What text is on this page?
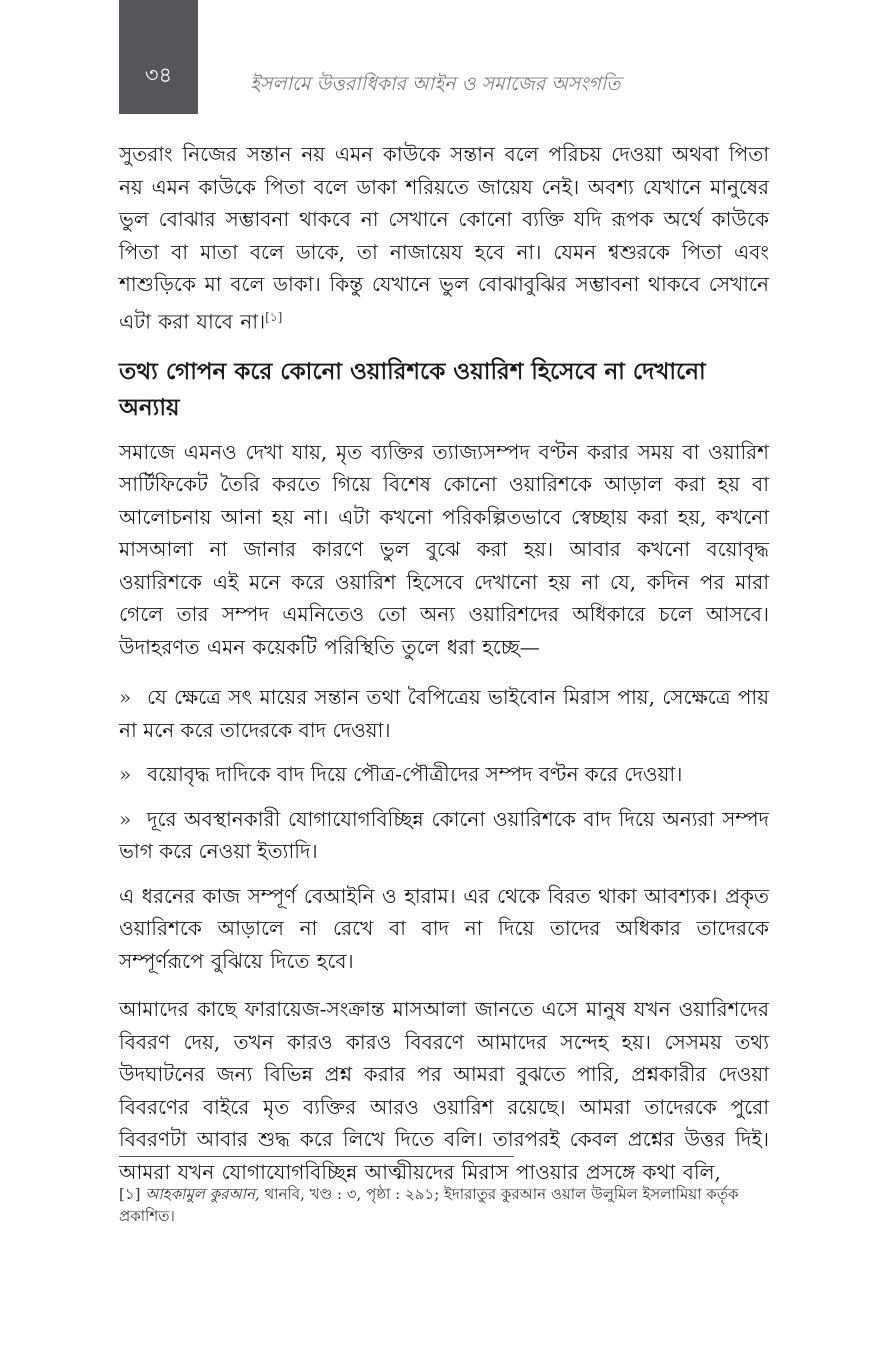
৩৪	ইসলামে উত্তরাধিকার আইন ও সমাজের অসংগতি

সুতরাং নিজের সন্তান নয় এমন কাউকে সন্তান বলে পরিচয় দেওয়া অথবা পিতা নয় এমন কাউকে পিতা বলে ডাকা শরিয়তে জায়েয নেই। অবশ্য যেখানে মানুষের ভুল বোঝার সম্ভাবনা থাকবে না সেখানে কোনো ব্যক্তি যদি রূপক অর্থে কাউকে পিতা বা মাতা বলে ডাকে, তা নাজায়েয হবে না। যেমন শ্বশুরকে পিতা এবং শাশুড়িকে মা বলে ডাকা। কিন্তু যেখানে ভুল বোঝাবুঝির সম্ভাবনা থাকবে সেখানে এটা করা যাবে না।[১]

তথ্য গোপন করে কোনো ওয়ারিশকে ওয়ারিশ হিসেবে না দেখানো অন্যায়

সমাজে এমনও দেখা যায়, মৃত ব্যক্তির ত্যাজ্যসম্পদ বণ্টন করার সময় বা ওয়ারিশ সার্টিফিকেট তৈরি করতে গিয়ে বিশেষ কোনো ওয়ারিশকে আড়াল করা হয় বা আলোচনায় আনা হয় না। এটা কখনো পরিকল্পিতভাবে স্বেচ্ছায় করা হয়, কখনো মাসআলা না জানার কারণে ভুল বুঝে করা হয়। আবার কখনো বয়োবৃদ্ধ ওয়ারিশকে এই মনে করে ওয়ারিশ হিসেবে দেখানো হয় না যে, কদিন পর মারা গেলে তার সম্পদ এমনিতেও তো অন্য ওয়ারিশদের অধিকারে চলে আসবে। উদাহরণত এমন কয়েকটি পরিস্থিতি তুলে ধরা হচ্ছে—

» যে ক্ষেত্রে সৎ মায়ের সন্তান তথা বৈপিত্রেয় ভাইবোন মিরাস পায়, সেক্ষেত্রে পায় না মনে করে তাদেরকে বাদ দেওয়া।
» বয়োবৃদ্ধ দাদিকে বাদ দিয়ে পৌত্র-পৌত্রীদের সম্পদ বণ্টন করে দেওয়া।
» দূরে অবস্থানকারী যোগাযোগবিচ্ছিন্ন কোনো ওয়ারিশকে বাদ দিয়ে অন্যরা সম্পদ ভাগ করে নেওয়া ইত্যাদি।

এ ধরনের কাজ সম্পূর্ণ বেআইনি ও হারাম। এর থেকে বিরত থাকা আবশ্যক। প্রকৃত ওয়ারিশকে আড়ালে না রেখে বা বাদ না দিয়ে তাদের অধিকার তাদেরকে সম্পূর্ণরূপে বুঝিয়ে দিতে হবে।

আমাদের কাছে ফারায়েজ-সংক্রান্ত মাসআলা জানতে এসে মানুষ যখন ওয়ারিশদের বিবরণ দেয়, তখন কারও কারও বিবরণে আমাদের সন্দেহ হয়। সেসময় তথ্য উদঘাটনের জন্য বিভিন্ন প্রশ্ন করার পর আমরা বুঝতে পারি, প্রশ্নকারীর দেওয়া বিবরণের বাইরে মৃত ব্যক্তির আরও ওয়ারিশ রয়েছে। আমরা তাদেরকে পুরো বিবরণটা আবার শুদ্ধ করে লিখে দিতে বলি। তারপরই কেবল প্রশ্নের উত্তর দিই। আমরা যখন যোগাযোগবিচ্ছিন্ন আত্মীয়দের মিরাস পাওয়ার প্রসঙ্গে কথা বলি,

[১] আহকামুল কুরআন, থানবি, খণ্ড : ৩, পৃষ্ঠা : ২৯১; ইদারাতুর কুরআন ওয়াল উলুমিল ইসলামিয়া কর্তৃক প্রকাশিত।
